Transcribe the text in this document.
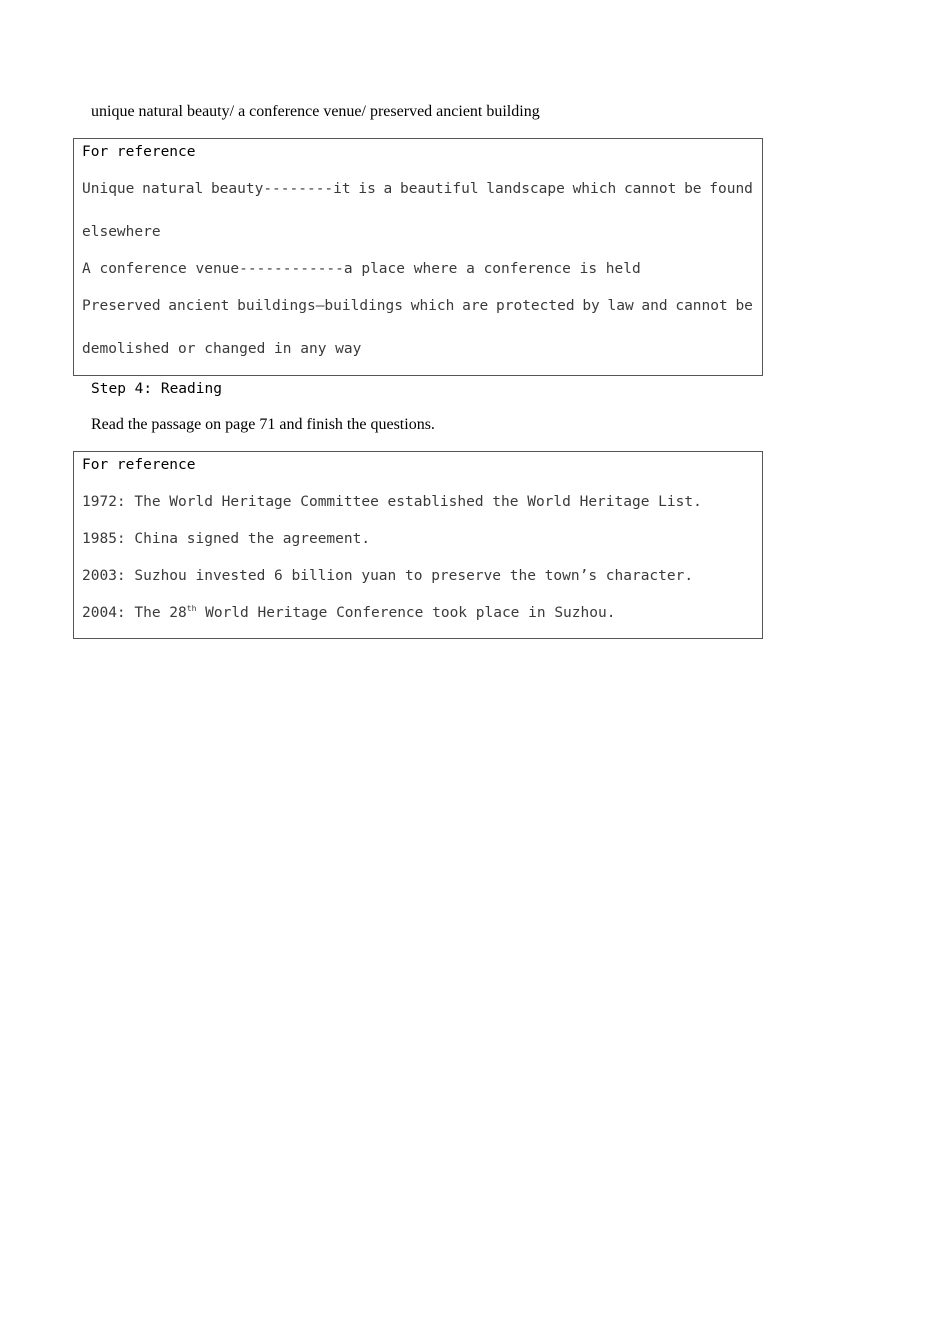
unique natural beauty/ a conference venue/ preserved ancient building
For reference
Unique natural beauty--------it is a beautiful landscape which cannot be found
elsewhere
A conference venue------------a place where a conference is held
Preserved ancient buildings—buildings which are protected by law and cannot be
demolished or changed in any way
Step 4: Reading
Read the passage on page 71 and finish the questions.
For reference
1972: The World Heritage Committee established the World Heritage List.
1985: China signed the agreement.
2003: Suzhou invested 6 billion yuan to preserve the town’s character.
2004: The 28th World Heritage Conference took place in Suzhou.
